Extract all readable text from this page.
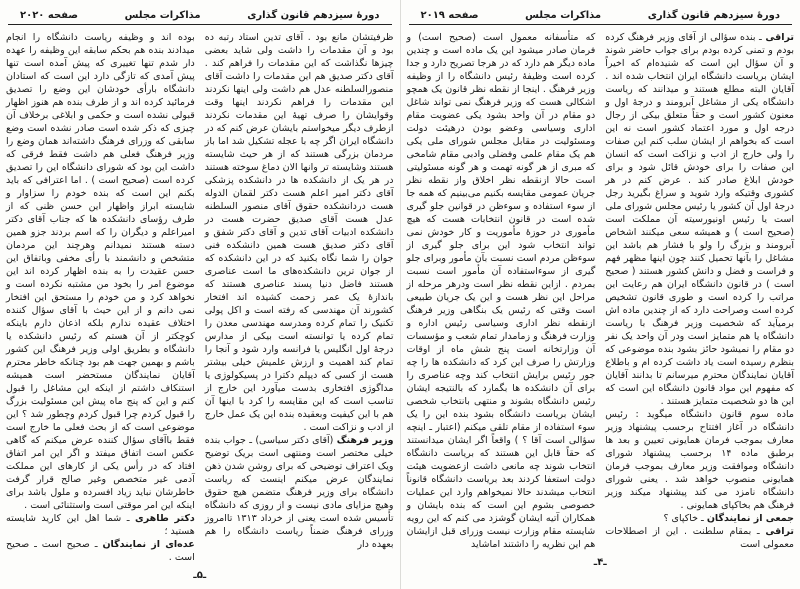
دورهٔ سیزدهم قانون گذاری
مذاکرات مجلس
صفحه ۲۰۱۹
تراقی ـ بنده سؤالی از آقای وزیر فرهنگ کرده بودم و تمنی کرده بودم برای جواب حاضر شوند و آن سؤال این است که شنیده‌ام که اخیراً ایشان بریاست دانشگاه ایران انتخاب شده اند . آقایان البته مطلع هستند و میدانند که ریاست دانشگاه یکی از مشاغل آبرومند و درجهٔ اول و معنون کشور است و حقاً متعلق بیکی از رجال درجه اول و مورد اعتماد کشور است نه این است که بخواهم از ایشان سلب کنم این صفات را ولی خارج از ادب و نزاکت است که انسان این صفات را برای خودش قائل شود و برای خودش ابلاغ صادر کند . عرض کنم در هر کشوری وقتیکه وارد شوید و سراغ بگیرید رجل درجهٔ اول آن کشور یا رئیس مجلس شورای ملی است یا رئیس اونیورسیته آن مملکت است (صحیح است ) و همیشه سعی میکنند اشخاص آبرومند و بزرگ را ولو با فشار هم باشد این مشاغل را بآنها تحمیل کنند چون اینها مظهر فهم و فراست و فضل و دانش کشور هستند ( صحیح است ) در قانون دانشگاه ایران هم رعایت این مراتب را کرده است و طوری قانون تشخیص کرده است وصراحت دارد که از چندین ماده اش برمیآید که شخصیت وزیر فرهنگ با ریاست دانشگاه یا هم متمایز است ودر آن واحد یک نفر دو مقام را نمیشود حائز بشود بنده موضوعی که بنظرم رسیده است یاد داشت کرده ام و باطلاع آقایان نمایندگان محترم میرسانم تا بدانند آقایان که مفهوم این مواد قانون دانشگاه این است که این ها دو شخصیت متمایز هستند .
ماده سوم قانون دانشگاه میگوید : رئیس دانشگاه در آغاز افتتاح برحسب پیشنهاد وزیر معارف بموجب فرمان همایونی تعیین و بعد ها برطبق ماده ۱۴ برحسب پیشنهاد شورای دانشگاه وموافقت وزیر معارف بموجب فرمان همایونی منصوب خواهد شد . یعنی شورای دانشگاه نامزد می کند پیشنهاد میکند وزیر فرهنگ هم بخاکپای همایونی .
جمعی از نمایندگان ـ خاکپای ؟
تراقی ـ بمقام سلطنت . این از اصطلاحات معمولی است
که متأسفانه معمول است (صحیح است) و فرمان صادر میشود این یک ماده است و چندین ماده دیگر هم دارد که در هرجا تصریح دارد و جدا کرده است وظیفهٔ رئیس دانشگاه را از وظیفه وزیر فرهنگ . اینجا از نقطه نظر قانون یک همچو اشکالی هست که وزیر فرهنگ نمی تواند شاغل دو مقام در آن واحد بشود یکی عضویت مقام اداری وسیاسی وعضو بودن درهیئت دولت ومسئولیت در مقابل مجلس شورای ملی یکی هم یک مقام علمی وفضلی وادبی مقام شامخی که مبری از هر گونه تهمت و هر گونه مسئولیتی است حالا ازنقطه نظر اخلاق واز نقطه نظر جریان عمومی مقایسه بکنیم می‌بینیم که همه جا از سوء استفاده و سوءظن در قوانین جلو گیری شده است در قانون انتخابات هست که هیچ مأموری در حوزهٔ مأموریت و کار خودش نمی تواند انتخاب شود این برای جلو گیری از سوءظن مردم است نسبت بآن مأمور وبرای جلو گیری از سوءاستفاده آن مأمور است نسبت بمردم . ازاین نقطه نظر است ودرهر مرحله از مراحل این نظر هست و این یک جریان طبیعی است وقتی که رئیس یک بنگاهی وزیر فرهنگ ازنقطه نظر اداری وسیاسی رئیس اداره و وزارت فرهنگ و زمامدار تمام شعب و مؤسسات آن وزارتخانه است پنج شش ماه از اوقات وزارتش را صرف این کرد که دانشکده ها را چه جور رئیس برایش انتخاب کند وچه عناصری را برای آن دانشکده ها بگمارد که بالنتیجه ایشان رئیس دانشگاه بشوند و منتهی بانتخاب شخصی ایشان بریاست دانشگاه بشود بنده این را یک سوء استفاده از مقام تلقی میکنم (اعتبار ـ اینچه سؤالی است آقا ؟ ) واقعاً اگر ایشان میدانستند که حقاً قابل این هستند که بریاست دانشگاه انتخاب شوند چه مانعی داشت ازعضویت هیئت دولت استعفا کردند بعد بریاست دانشگاه قانوناً انتخاب میشدند حالا نمیخواهم وارد این عملیات خصوصی بشوم این است که بنده بایشان و همکاران آتیه ایشان گوشزد می کنم که این رویه شایسته مقام وزارت نیست وزرای قبل ازایشان هم این نظریه را داشتند اماشاید
ـ۴ـ
دورهٔ سیزدهم قانون گذاری
مذاکرات مجلس
صفحه ۲۰۲۰
ظرفیتشان مانع بود . آقای تدین استاد رتبه ده بود و آن مقدمات را داشت ولی شاید بعضی چیزها نگذاشت که این مقدمات را فراهم کند . آقای دکتر صدیق هم این مقدمات را داشت آقای منصورالسلطنه عدل هم داشت ولی اینها نکردند این مقدمات را فراهم نکردند اینها وقت وقوایشان را صرف تهیهٔ این مقدمات نکردند ازطرف دیگر میخواستم بایشان عرض کنم که در دانشگاه ایران اگر چه با عجله تشکیل شد اما باز مردمان بزرگی هستند که از هر حیث شایسته هستند وشایسته تر وانها الان دماغ سوخته هستند در هر یک از دانشکده ها در دانشکده پزشکی آقای دکتر امیر اعلم هست دکتر لقمان الدوله هست دردانشکده حقوق آقای منصور السلطنه عدل هست آقای صدیق حضرت هست در دانشکده ادبیات آقای تدین و آقای دکتر شفق و آقای دکتر صدیق هست همین دانشکده فنی جوان را شما نگاه بکنید که در این دانشکده که از جوان ترین دانشکده‌های ما است عناصری هستند فاضل دنیا پسند عناصری هستند که باندازهٔ یک عمر زحمت کشیده اند افتخار کشورند آن مهندسی که رفته است و اکل پولی تکنیک را تمام کرده ومدرسه مهندسی معدن را تمام کرده یا توانسته است بیکی از مدارس درجهٔ اول انگلیس یا فرانسه وارد شود و آنجا را تمام کند اهمیت و ارزش علمیش خیلی بیشتر هست از کسی که دیپلم دکترا در پسیکولوژی یا مداگوژی افتخاری بدست میآورد این خارج از تناسب است که این مقایسه را کرد با اینها آن هم با این کیفیت وبعقیده بنده این یک عمل خارج از ادب و نزاکت است .
وزیر فرهنگ (آقای دکتر سیاسی) ـ جواب بنده خیلی مختصر است ومنتهی است بریک توضیح ویک اعتراف توضیحی که برای روشن شدن ذهن نمایندگان عرض میکنم اینست که ریاست دانشگاه برای وزیر فرهنگ متضمن هیچ حقوق وهیچ مزایای مادی نیست و از روزی که دانشگاه تأسیس شده است یعنی از خرداد ۱۳۱۳ تاامروز وزرای فرهنگ ضمناً ریاست دانشگاه را هم بعهده دار
بوده اند و وظیفه ریاست دانشگاه را انجام میدادند بنده هم بحکم سابقه این وظیفه را عهده دار شدم تنها تغییری که پیش آمده است تنها پیش آمدی که تازگی دارد این است که استادان دانشگاه بارأی خودشان این وضع را تصدیق فرمائید کرده اند و از طرف بنده هم هنوز اظهار قبولی نشده است و حکمی و ابلاغی برخلاف آن چیزی که ذکر شده است صادر نشده است وضع سابقی که وزرای فرهنگ داشته‌اند همان وضع را وزیر فرهنگ فعلی هم داشت فقط فرقی که داشت این بود که شورای دانشگاه این را تصدیق کرده است (صحیح است ) . اما اعترافی که باید بکنم این است که بنده خودم را سزاوار و شایسته ابراز واظهار این حسن ظنی که از طرف رؤسای دانشکده ها که جناب آقای دکتر امیراعلم و دیگران را که اسم بردند جزو همین دسته هستند نمیدانم وهرچند این مردمان متشخص و دانشمند با رأی مخفی وباتفاق این حسن عقیدت را به بنده اظهار کرده اند این موضوع امر را بخود من مشتبه نکرده است و نخواهد کرد و من خودم را مستحق این افتخار نمی دانم و از این حیث با آقای سؤال کننده اختلاف عقیده ندارم بلکه اذعان دارم باینکه کوچکتر از آن هستم که رئیس دانشکده یا دانشگاه و بطریق اولی وزیر فرهنگ این کشور باشم و بهمین جهت هم بود چنانکه خاطر محترم آقایان نمایندگان مستحضر است همیشه استنکاف داشتم از اینکه این مشاغل را قبول کنم و این که پنج ماه پیش این مسئولیت بزرگ را قبول کردم چرا قبول کردم وچطور شد ؟ این موضوعی است که از بحث فعلی ما خارج است فقط باآقای سؤال کننده عرض میکنم که گاهی عکس است اتفاق میفتد و اگر این امر اتفاق افتاد که در رأس یکی از کارهای این مملکت آدمی غیر متخصص وغیر صالح قرار گرفت خاطرشان نباید زیاد افسرده و ملول باشد برای اینکه این امر موقتی است واستثنائی است .
دکتر طاهری ـ شما اهل این کارید شایسته هستید ؛
عده‌ای از نمایندگان ـ صحیح است ـ صحیح است .
ـ۵ـ
